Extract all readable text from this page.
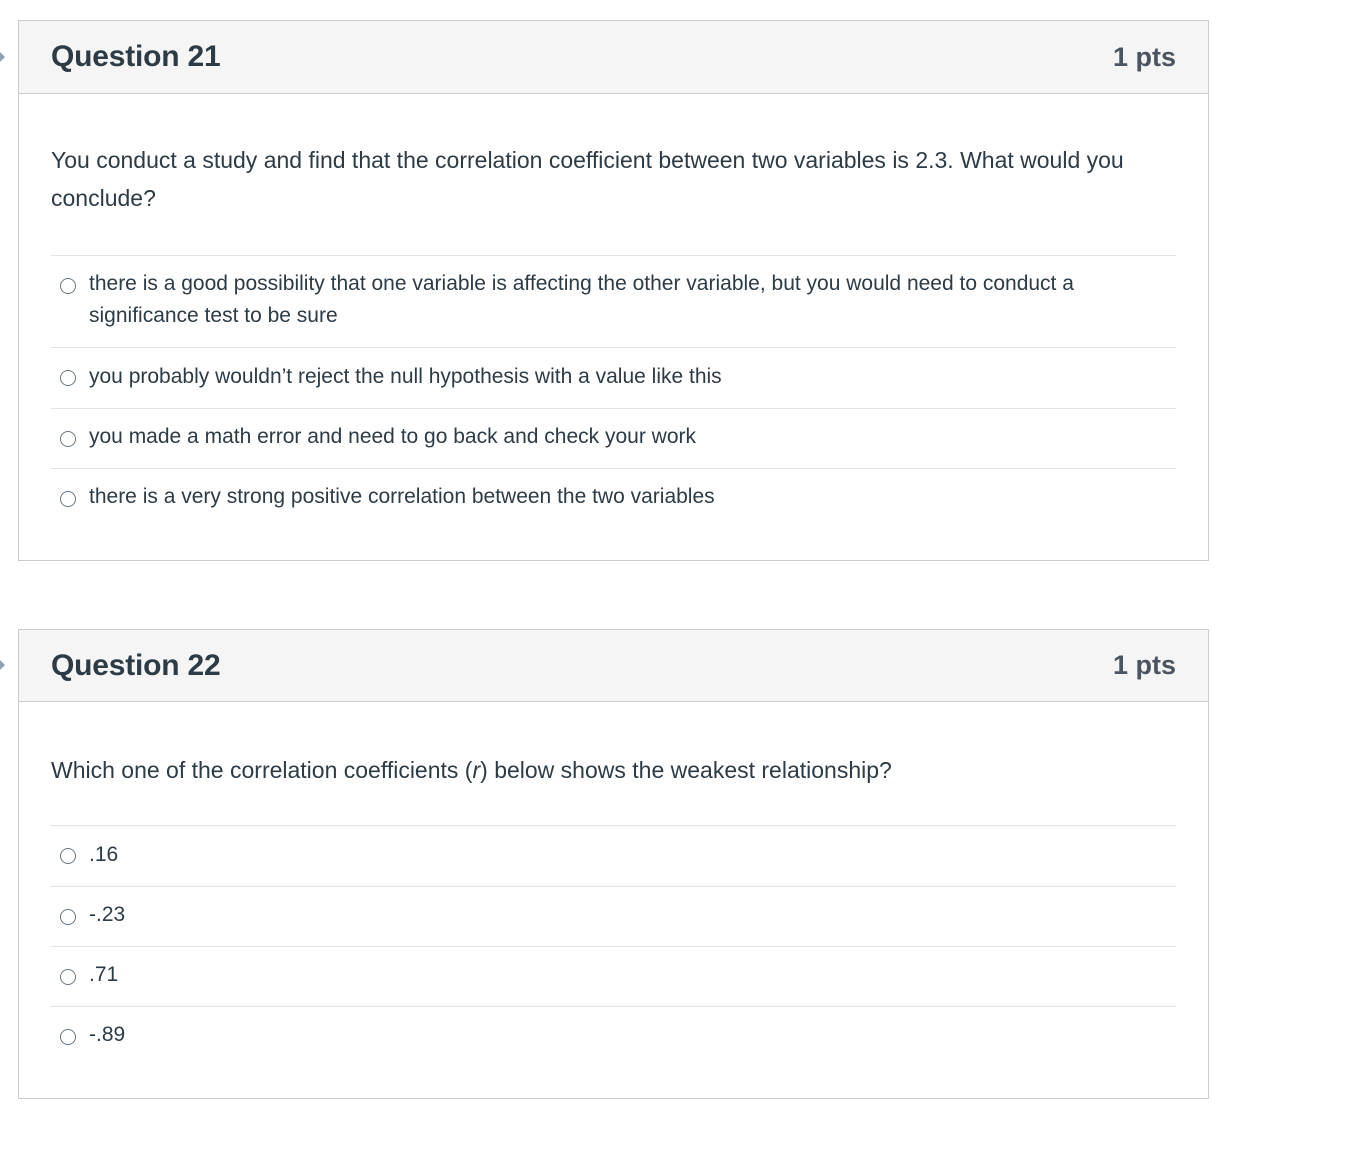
Question 21	1 pts
You conduct a study and find that the correlation coefficient between two variables is 2.3. What would you conclude?
there is a good possibility that one variable is affecting the other variable, but you would need to conduct a significance test to be sure
you probably wouldn’t reject the null hypothesis with a value like this
you made a math error and need to go back and check your work
there is a very strong positive correlation between the two variables
Question 22	1 pts
Which one of the correlation coefficients (r) below shows the weakest relationship?
.16
-.23
.71
-.89
